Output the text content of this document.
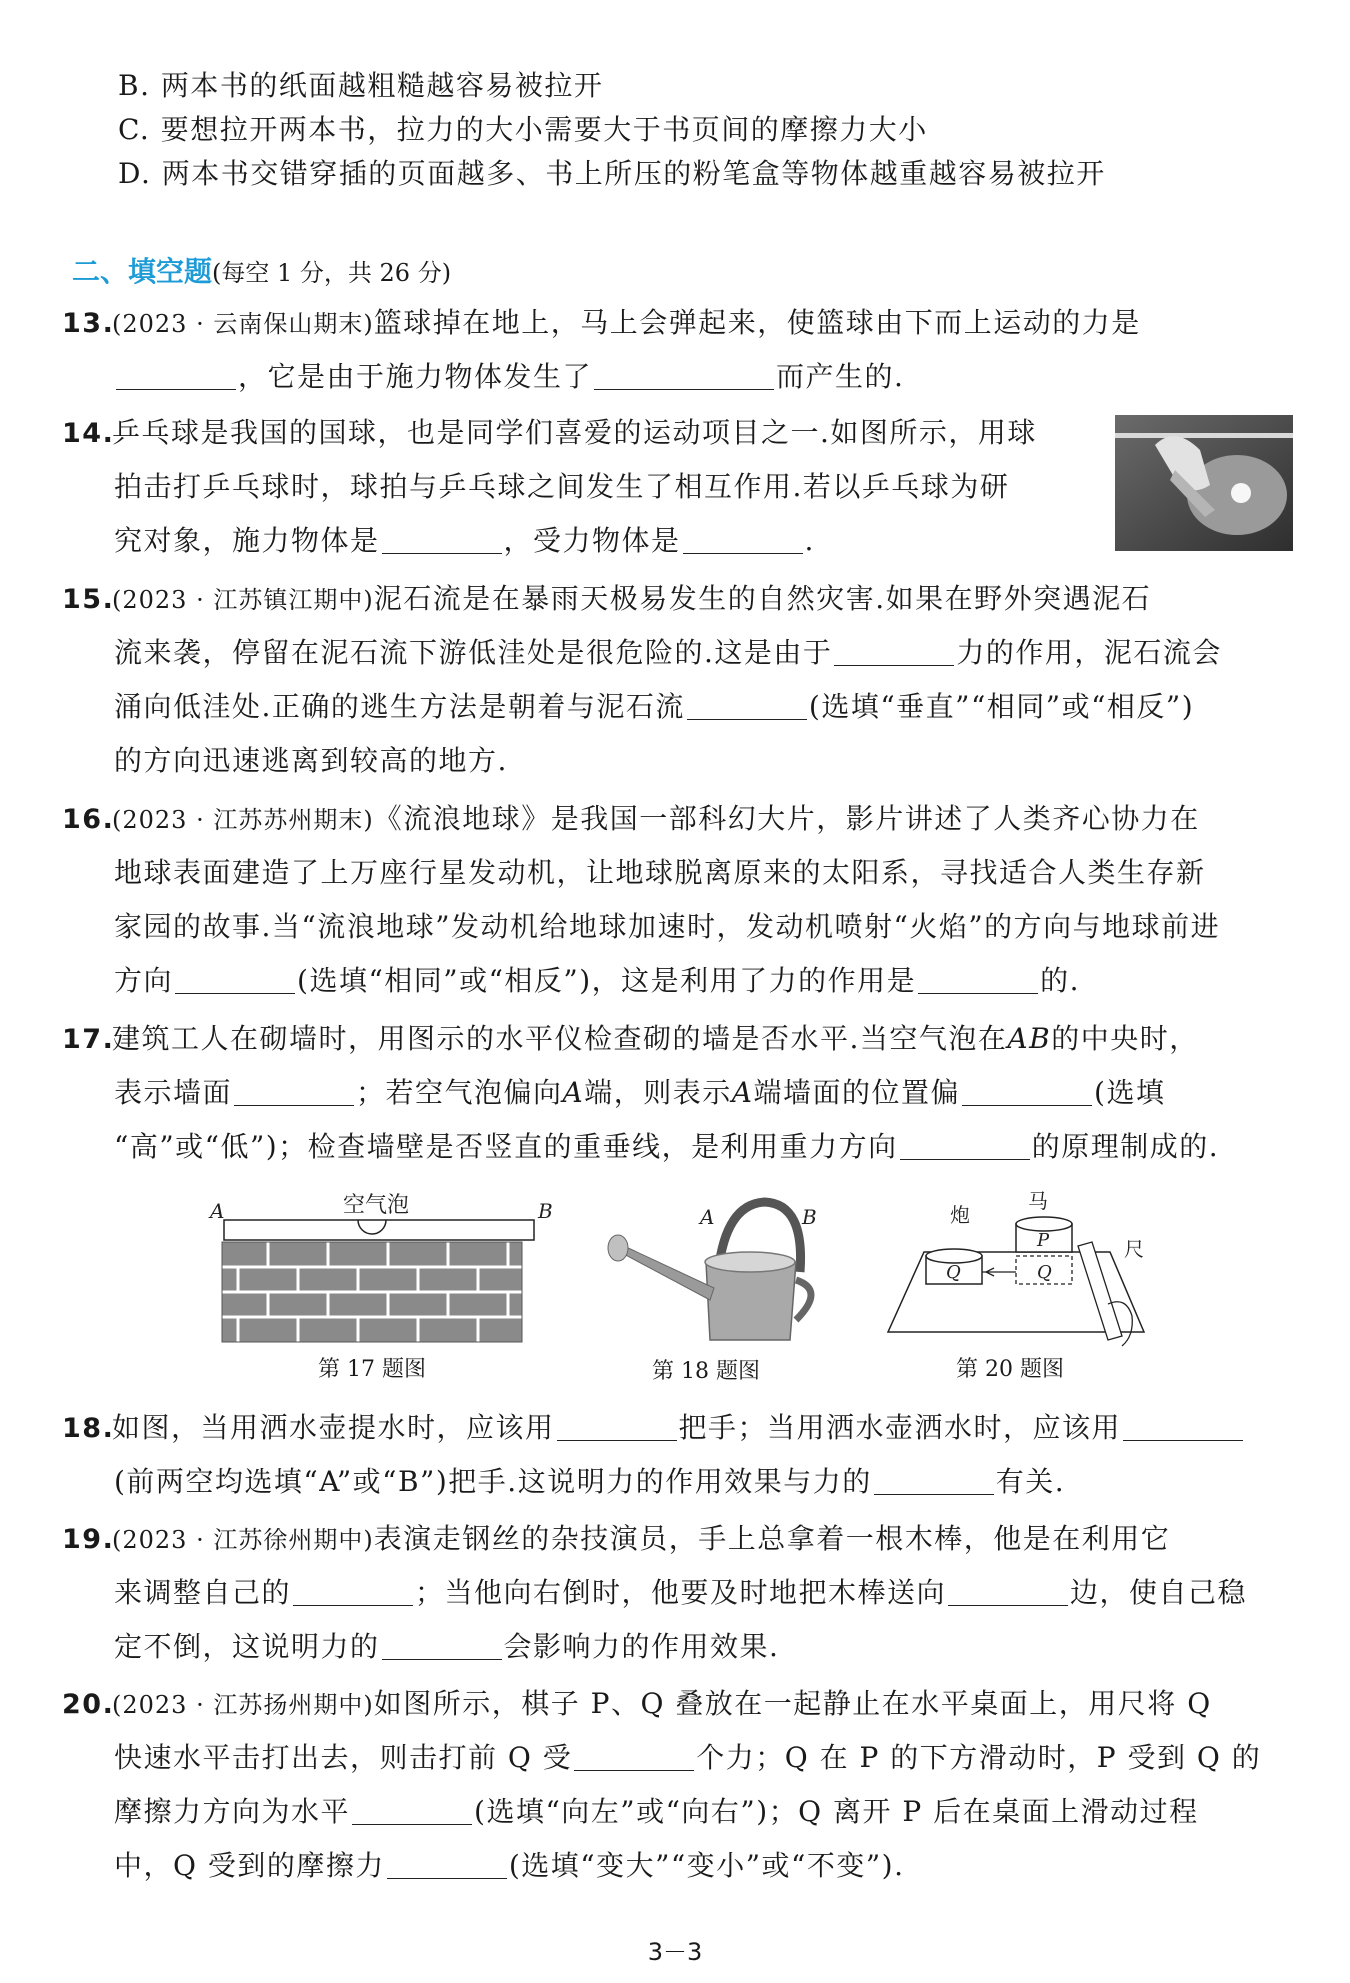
B. 两本书的纸面越粗糙越容易被拉开
C. 要想拉开两本书，拉力的大小需要大于书页间的摩擦力大小
D. 两本书交错穿插的页面越多、书上所压的粉笔盒等物体越重越容易被拉开
二、填空题(每空 1 分，共 26 分)
13.(2023 · 云南保山期末)篮球掉在地上，马上会弹起来，使篮球由下而上运动的力是
，它是由于施力物体发生了	而产生的.
14.乒乓球是我国的国球，也是同学们喜爱的运动项目之一.如图所示，用球
拍击打乒乓球时，球拍与乒乓球之间发生了相互作用.若以乒乓球为研
究对象，施力物体是	，受力物体是	.
15.(2023 · 江苏镇江期中)泥石流是在暴雨天极易发生的自然灾害.如果在野外突遇泥石
流来袭，停留在泥石流下游低洼处是很危险的.这是由于	力的作用，泥石流会
涌向低洼处.正确的逃生方法是朝着与泥石流	(选填“垂直”“相同”或“相反”)
的方向迅速逃离到较高的地方.
16.(2023 · 江苏苏州期末)《流浪地球》是我国一部科幻大片，影片讲述了人类齐心协力在
地球表面建造了上万座行星发动机，让地球脱离原来的太阳系，寻找适合人类生存新
家园的故事.当“流浪地球”发动机给地球加速时，发动机喷射“火焰”的方向与地球前进
方向	(选填“相同”或“相反”)，这是利用了力的作用是	的.
17.建筑工人在砌墙时，用图示的水平仪检查砌的墙是否水平.当空气泡在AB的中央时，
表示墙面	；若空气泡偏向A端，则表示A端墙面的位置偏	(选填
“高”或“低”)；检查墙壁是否竖直的重垂线，是利用重力方向	的原理制成的.
A	B
空气泡
第 17 题图
A	B
第 18 题图
炮
马
尺
Q
P
Q
第 20 题图
18.如图，当用洒水壶提水时，应该用	把手；当用洒水壶洒水时，应该用
(前两空均选填“A”或“B”)把手.这说明力的作用效果与力的	有关.
19.(2023 · 江苏徐州期中)表演走钢丝的杂技演员，手上总拿着一根木棒，他是在利用它
来调整自己的	；当他向右倒时，他要及时地把木棒送向	边，使自己稳
定不倒，这说明力的	会影响力的作用效果.
20.(2023 · 江苏扬州期中)如图所示，棋子 P、Q 叠放在一起静止在水平桌面上，用尺将 Q
快速水平击打出去，则击打前 Q 受	个力；Q 在 P 的下方滑动时，P 受到 Q 的
摩擦力方向为水平	(选填“向左”或“向右”)；Q 离开 P 后在桌面上滑动过程
中，Q 受到的摩擦力	(选填“变大”“变小”或“不变”).
3－3
